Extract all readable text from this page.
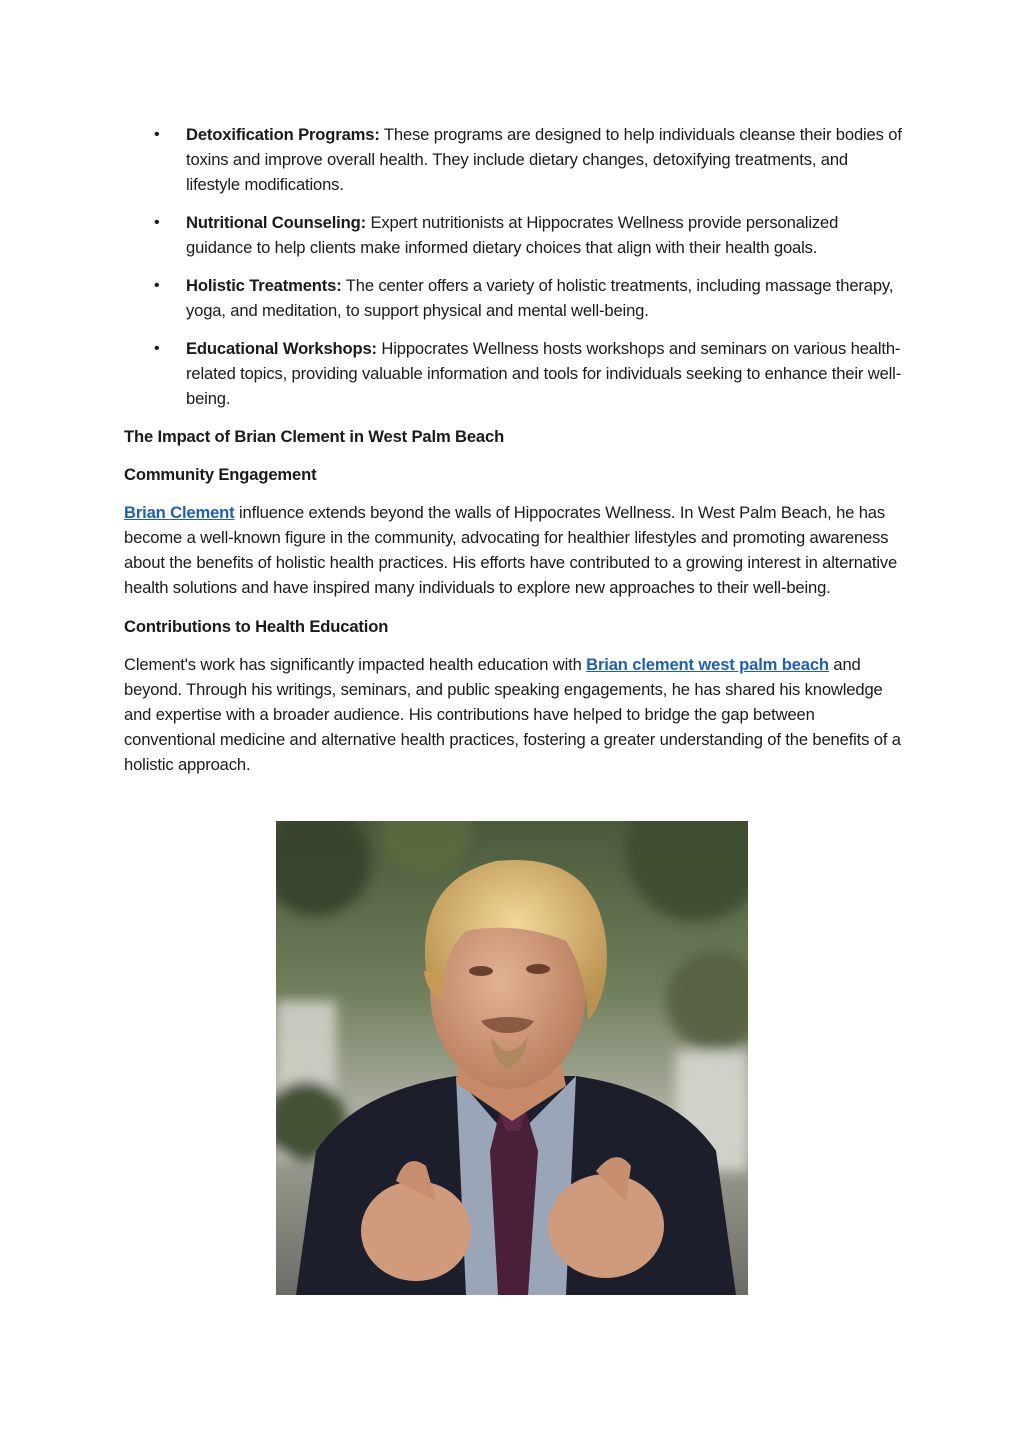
• Detoxification Programs: These programs are designed to help individuals cleanse their bodies of toxins and improve overall health. They include dietary changes, detoxifying treatments, and lifestyle modifications.
• Nutritional Counseling: Expert nutritionists at Hippocrates Wellness provide personalized guidance to help clients make informed dietary choices that align with their health goals.
• Holistic Treatments: The center offers a variety of holistic treatments, including massage therapy, yoga, and meditation, to support physical and mental well-being.
• Educational Workshops: Hippocrates Wellness hosts workshops and seminars on various health-related topics, providing valuable information and tools for individuals seeking to enhance their well-being.
The Impact of Brian Clement in West Palm Beach
Community Engagement

Brian Clement influence extends beyond the walls of Hippocrates Wellness. In West Palm Beach, he has become a well-known figure in the community, advocating for healthier lifestyles and promoting awareness about the benefits of holistic health practices. His efforts have contributed to a growing interest in alternative health solutions and have inspired many individuals to explore new approaches to their well-being.

Contributions to Health Education

Clement's work has significantly impacted health education with Brian clement west palm beach and beyond. Through his writings, seminars, and public speaking engagements, he has shared his knowledge and expertise with a broader audience. His contributions have helped to bridge the gap between conventional medicine and alternative health practices, fostering a greater understanding of the benefits of a holistic approach.
